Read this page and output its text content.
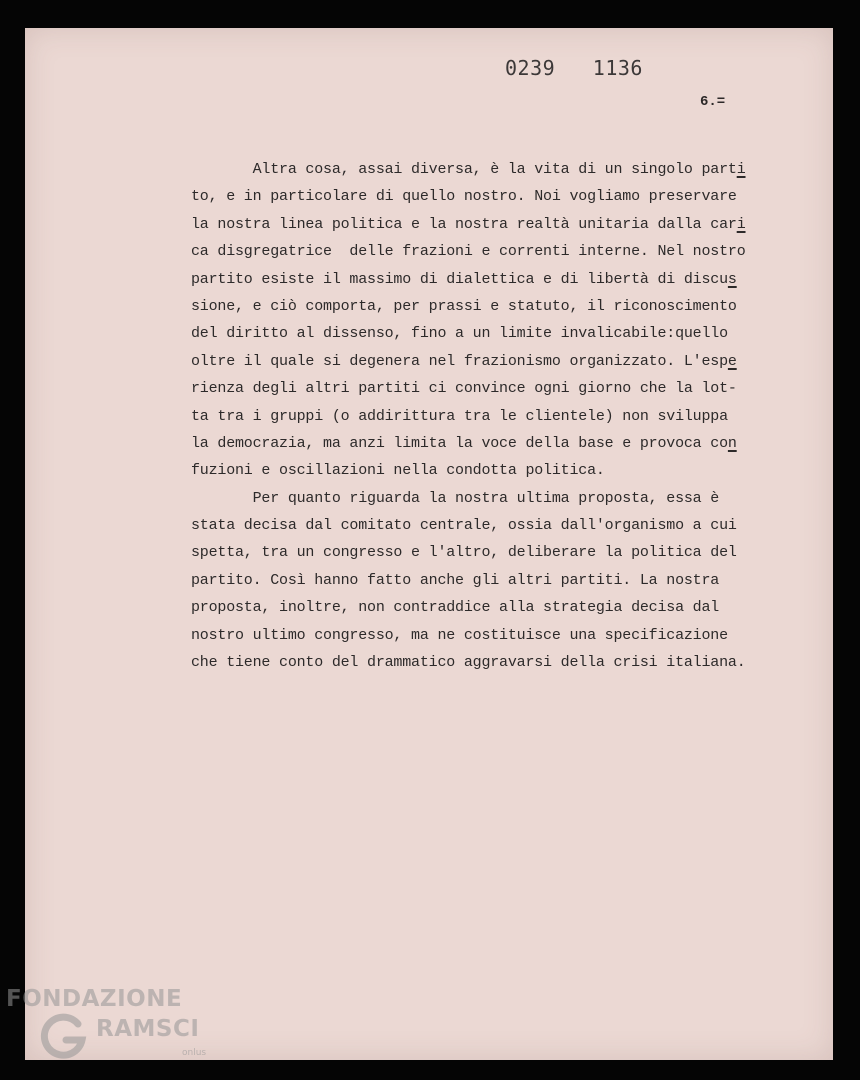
0239   1136
6.=
Altra cosa, assai diversa, è la vita di un singolo parti
to, e in particolare di quello nostro. Noi vogliamo preservare
la nostra linea politica e la nostra realtà unitaria dalla cari
ca disgregatrice  delle frazioni e correnti interne. Nel nostro
partito esiste il massimo di dialettica e di libertà di discus
sione, e ciò comporta, per prassi e statuto, il riconoscimento
del diritto al dissenso, fino a un limite invalicabile:quello
oltre il quale si degenera nel frazionismo organizzato. L'espe
rienza degli altri partiti ci convince ogni giorno che la lot-
ta tra i gruppi (o addirittura tra le clientele) non sviluppa
la democrazia, ma anzi limita la voce della base e provoca con
fuzioni e oscillazioni nella condotta politica.
Per quanto riguarda la nostra ultima proposta, essa è
stata decisa dal comitato centrale, ossia dall'organismo a cui
spetta, tra un congresso e l'altro, deliberare la politica del
partito. Così hanno fatto anche gli altri partiti. La nostra
proposta, inoltre, non contraddice alla strategia decisa dal
nostro ultimo congresso, ma ne costituisce una specificazione
che tiene conto del drammatico aggravarsi della crisi italiana.
FONDAZIONE
RAMSCI
onlus
